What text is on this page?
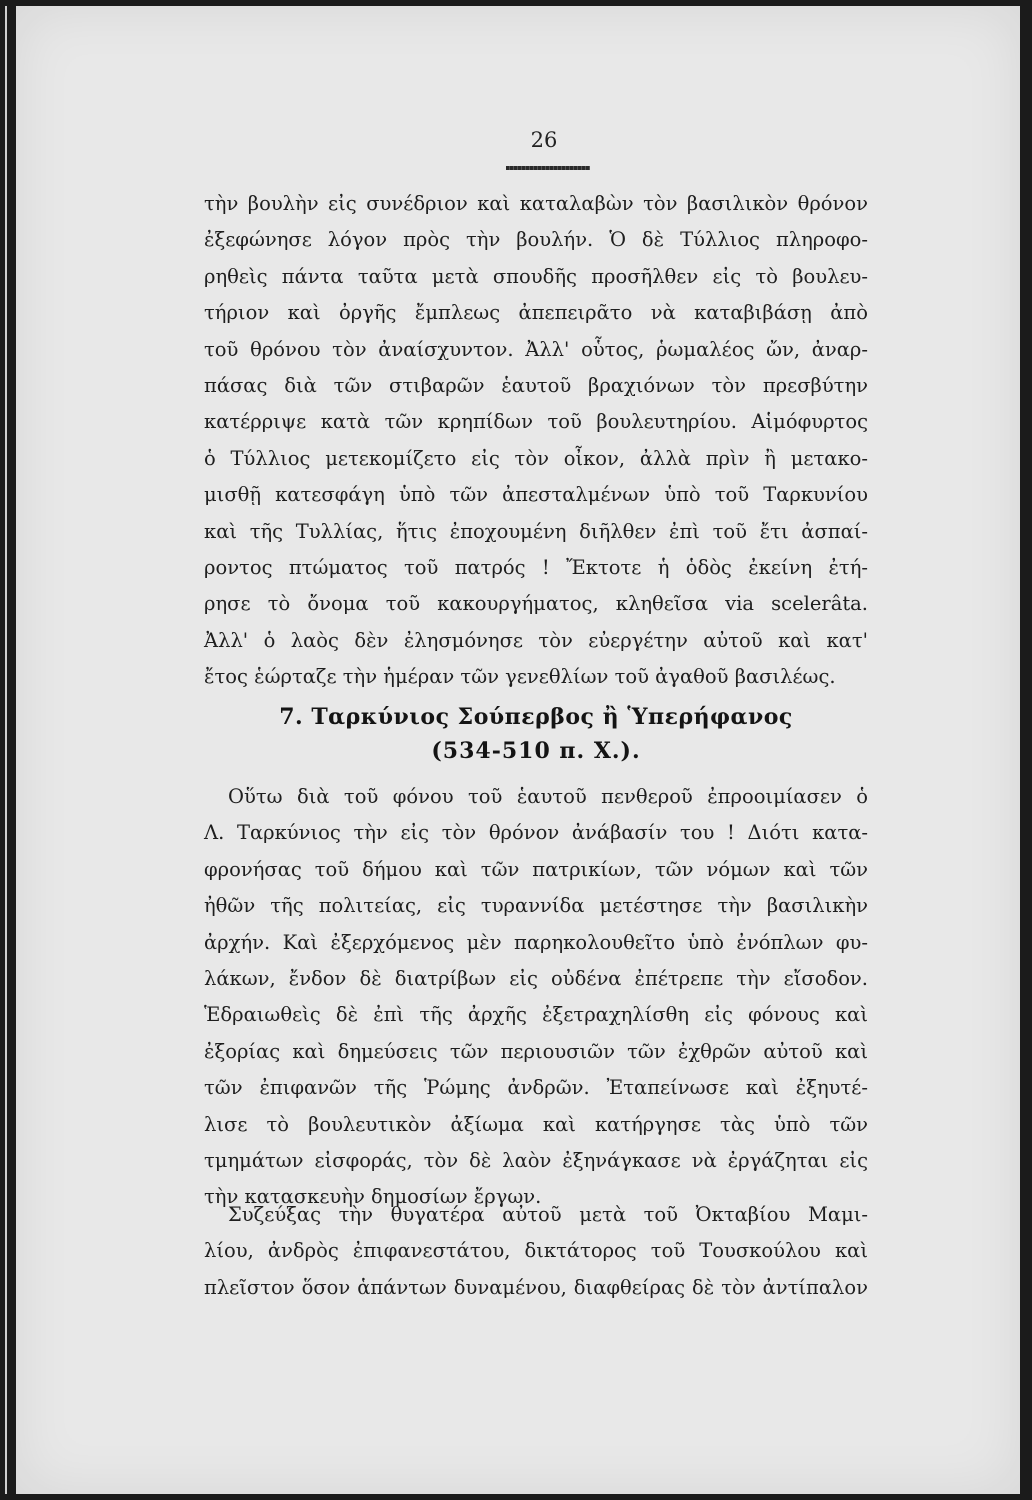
26
τὴν βουλὴν εἰς συνέδριον καὶ καταλαβὼν τὸν βασιλικὸν θρόνον
ἐξεφώνησε λόγον πρὸς τὴν βουλήν. Ὁ δὲ Τύλλιος πληροφο-
ρηθεὶς πάντα ταῦτα μετὰ σπουδῆς προσῆλθεν εἰς τὸ βουλευ-
τήριον καὶ ὀργῆς ἔμπλεως ἀπεπειρᾶτο νὰ καταβιβάσῃ ἀπὸ
τοῦ θρόνου τὸν ἀναίσχυντον. Ἀλλ' οὗτος, ῥωμαλέος ὤν, ἀναρ-
πάσας διὰ τῶν στιβαρῶν ἑαυτοῦ βραχιόνων τὸν πρεσβύτην
κατέρριψε κατὰ τῶν κρηπίδων τοῦ βουλευτηρίου. Αἱμόφυρτος
ὁ Τύλλιος μετεκομίζετο εἰς τὸν οἶκον, ἀλλὰ πρὶν ἢ μετακο-
μισθῇ κατεσφάγη ὑπὸ τῶν ἀπεσταλμένων ὑπὸ τοῦ Ταρκυνίου
καὶ τῆς Τυλλίας, ἥτις ἐποχουμένη διῆλθεν ἐπὶ τοῦ ἔτι ἀσπαί-
ροντος πτώματος τοῦ πατρός ! Ἔκτοτε ἡ ὁδὸς ἐκείνη ἐτή-
ρησε τὸ ὄνομα τοῦ κακουργήματος, κληθεῖσα via scelerâta.
Ἀλλ' ὁ λαὸς δὲν ἐλησμόνησε τὸν εὐεργέτην αὐτοῦ καὶ κατ'
ἔτος ἑώρταζε τὴν ἡμέραν τῶν γενεθλίων τοῦ ἀγαθοῦ βασιλέως.
7. Ταρκύνιος Σούπερβος ἢ Ὑπερήφανος
(534-510 π. Χ.).
Οὕτω διὰ τοῦ φόνου τοῦ ἑαυτοῦ πενθεροῦ ἐπροοιμίασεν ὁ
Λ. Ταρκύνιος τὴν εἰς τὸν θρόνον ἀνάβασίν του ! Διότι κατα-
φρονήσας τοῦ δήμου καὶ τῶν πατρικίων, τῶν νόμων καὶ τῶν
ἠθῶν τῆς πολιτείας, εἰς τυραννίδα μετέστησε τὴν βασιλικὴν
ἀρχήν. Καὶ ἐξερχόμενος μὲν παρηκολουθεῖτο ὑπὸ ἐνόπλων φυ-
λάκων, ἔνδον δὲ διατρίβων εἰς οὐδένα ἐπέτρεπε τὴν εἴσοδον.
Ἑδραιωθεὶς δὲ ἐπὶ τῆς ἀρχῆς ἐξετραχηλίσθη εἰς φόνους καὶ
ἐξορίας καὶ δημεύσεις τῶν περιουσιῶν τῶν ἐχθρῶν αὐτοῦ καὶ
τῶν ἐπιφανῶν τῆς Ῥώμης ἀνδρῶν. Ἐταπείνωσε καὶ ἐξηυτέ-
λισε τὸ βουλευτικὸν ἀξίωμα καὶ κατήργησε τὰς ὑπὸ τῶν
τμημάτων εἰσφοράς, τὸν δὲ λαὸν ἐξηνάγκασε νὰ ἐργάζηται εἰς
τὴν κατασκευὴν δημοσίων ἔργων.
Συζεύξας τὴν θυγατέρα αὐτοῦ μετὰ τοῦ Ὀκταβίου Μαμι-
λίου, ἀνδρὸς ἐπιφανεστάτου, δικτάτορος τοῦ Τουσκούλου καὶ
πλεῖστον ὅσον ἁπάντων δυναμένου, διαφθείρας δὲ τὸν ἀντίπαλον
